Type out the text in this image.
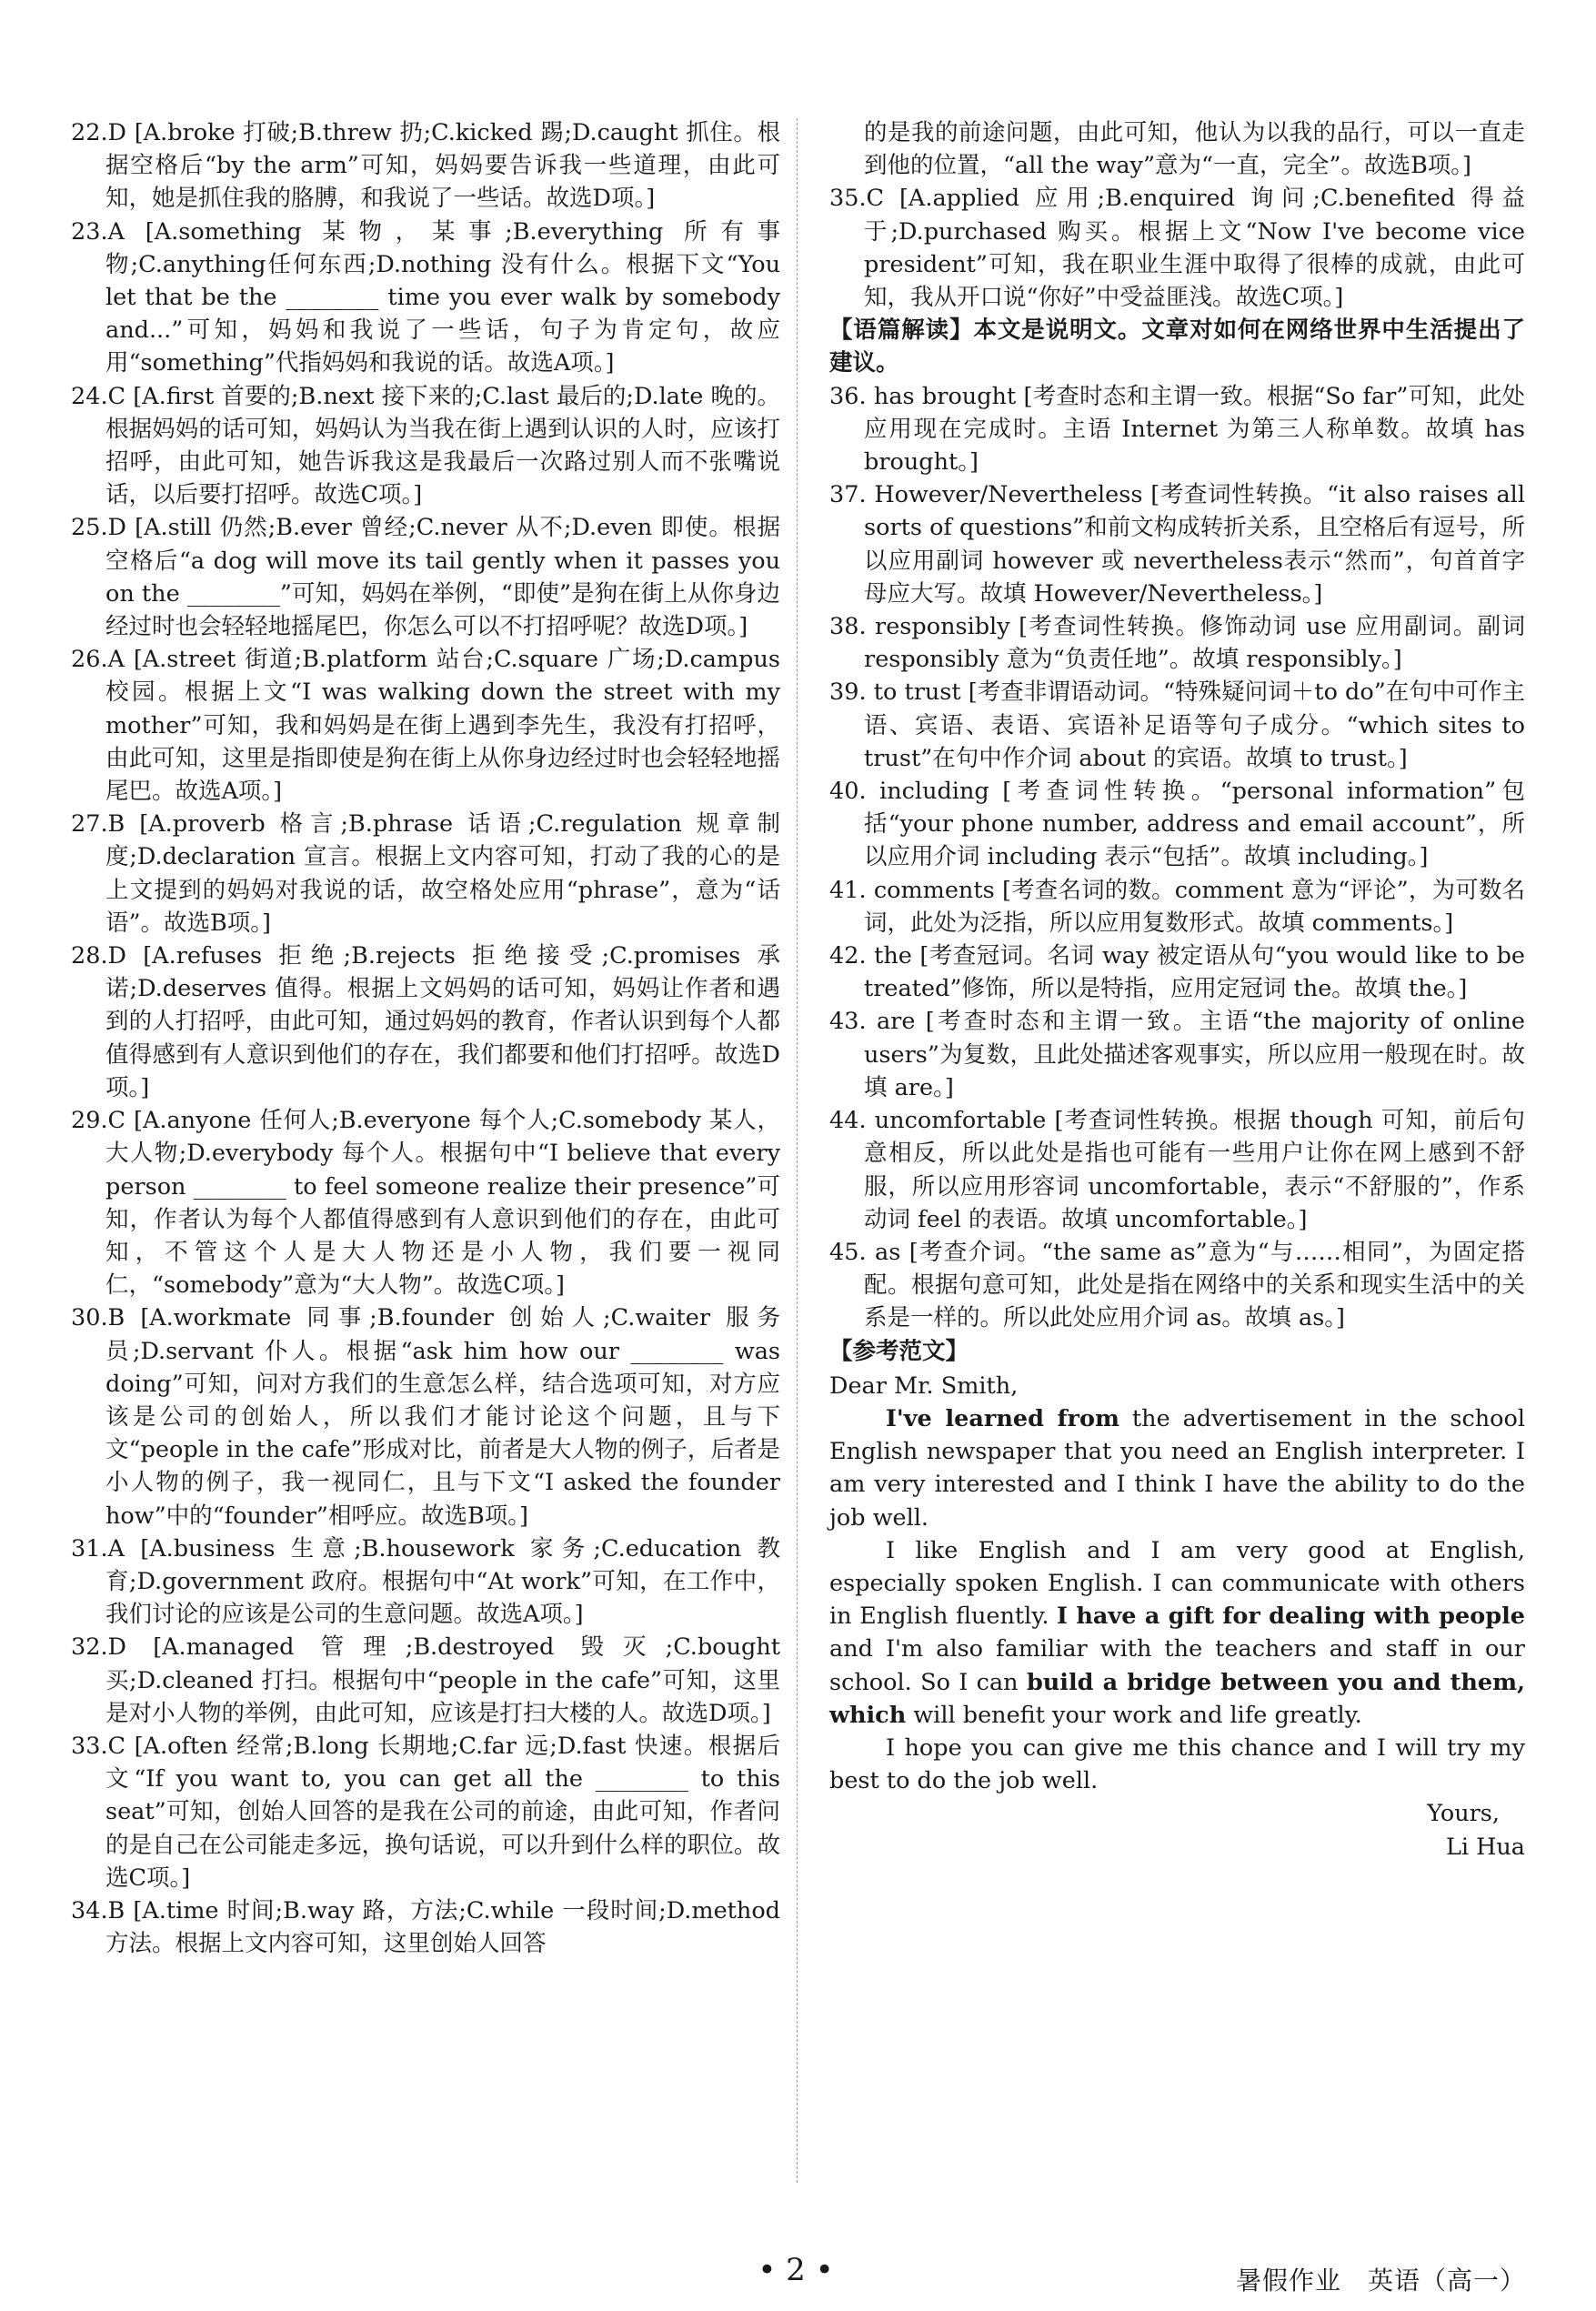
22.D [A.broke 打破;B.threw 扔;C.kicked 踢;D.caught 抓住。根据空格后“by the arm”可知，妈妈要告诉我一些道理，由此可知，她是抓住我的胳膊，和我说了一些话。故选D项。]
23.A [A.something 某物，某事;B.everything 所有事物;C.anything任何东西;D.nothing 没有什么。根据下文“You let that be the ________ time you ever walk by somebody and...”可知，妈妈和我说了一些话，句子为肯定句，故应用“something”代指妈妈和我说的话。故选A项。]
24.C [A.first 首要的;B.next 接下来的;C.last 最后的;D.late 晚的。根据妈妈的话可知，妈妈认为当我在街上遇到认识的人时，应该打招呼，由此可知，她告诉我这是我最后一次路过别人而不张嘴说话，以后要打招呼。故选C项。]
25.D [A.still 仍然;B.ever 曾经;C.never 从不;D.even 即使。根据空格后“a dog will move its tail gently when it passes you on the ________”可知，妈妈在举例，“即使”是狗在街上从你身边经过时也会轻轻地摇尾巴，你怎么可以不打招呼呢？故选D项。]
26.A [A.street 街道;B.platform 站台;C.square 广场;D.campus 校园。根据上文“I was walking down the street with my mother”可知，我和妈妈是在街上遇到李先生，我没有打招呼，由此可知，这里是指即使是狗在街上从你身边经过时也会轻轻地摇尾巴。故选A项。]
27.B [A.proverb 格言;B.phrase 话语;C.regulation 规章制度;D.declaration 宣言。根据上文内容可知，打动了我的心的是上文提到的妈妈对我说的话，故空格处应用“phrase”，意为“话语”。故选B项。]
28.D [A.refuses 拒绝;B.rejects 拒绝接受;C.promises 承诺;D.deserves 值得。根据上文妈妈的话可知，妈妈让作者和遇到的人打招呼，由此可知，通过妈妈的教育，作者认识到每个人都值得感到有人意识到他们的存在，我们都要和他们打招呼。故选D项。]
29.C [A.anyone 任何人;B.everyone 每个人;C.somebody 某人，大人物;D.everybody 每个人。根据句中“I believe that every person ________ to feel someone realize their presence”可知，作者认为每个人都值得感到有人意识到他们的存在，由此可知，不管这个人是大人物还是小人物，我们要一视同仁，“somebody”意为“大人物”。故选C项。]
30.B [A.workmate 同事;B.founder 创始人;C.waiter 服务员;D.servant 仆人。根据“ask him how our ________ was doing”可知，问对方我们的生意怎么样，结合选项可知，对方应该是公司的创始人，所以我们才能讨论这个问题，且与下文“people in the cafe”形成对比，前者是大人物的例子，后者是小人物的例子，我一视同仁，且与下文“I asked the founder how”中的“founder”相呼应。故选B项。]
31.A [A.business 生意;B.housework 家务;C.education 教育;D.government 政府。根据句中“At work”可知，在工作中，我们讨论的应该是公司的生意问题。故选A项。]
32.D [A.managed 管理;B.destroyed 毁灭;C.bought 买;D.cleaned 打扫。根据句中“people in the cafe”可知，这里是对小人物的举例，由此可知，应该是打扫大楼的人。故选D项。]
33.C [A.often 经常;B.long 长期地;C.far 远;D.fast 快速。根据后文“If you want to, you can get all the ________ to this seat”可知，创始人回答的是我在公司的前途，由此可知，作者问的是自己在公司能走多远，换句话说，可以升到什么样的职位。故选C项。]
34.B [A.time 时间;B.way 路，方法;C.while 一段时间;D.method方法。根据上文内容可知，这里创始人回答
的是我的前途问题，由此可知，他认为以我的品行，可以一直走到他的位置，“all the way”意为“一直，完全”。故选B项。]
35.C [A.applied 应用;B.enquired 询问;C.benefited 得益于;D.purchased 购买。根据上文“Now I've become vice president”可知，我在职业生涯中取得了很棒的成就，由此可知，我从开口说“你好”中受益匪浅。故选C项。]
【语篇解读】本文是说明文。文章对如何在网络世界中生活提出了建议。
36. has brought [考查时态和主谓一致。根据“So far”可知，此处应用现在完成时。主语 Internet 为第三人称单数。故填 has brought。]
37. However/Nevertheless [考查词性转换。“it also raises all sorts of questions”和前文构成转折关系，且空格后有逗号，所以应用副词 however 或 nevertheless表示“然而”，句首首字母应大写。故填 However/Nevertheless。]
38. responsibly [考查词性转换。修饰动词 use 应用副词。副词 responsibly 意为“负责任地”。故填 responsibly。]
39. to trust [考查非谓语动词。“特殊疑问词＋to do”在句中可作主语、宾语、表语、宾语补足语等句子成分。“which sites to trust”在句中作介词 about 的宾语。故填 to trust。]
40. including [考查词性转换。“personal information”包括“your phone number, address and email account”，所以应用介词 including 表示“包括”。故填 including。]
41. comments [考查名词的数。comment 意为“评论”，为可数名词，此处为泛指，所以应用复数形式。故填 comments。]
42. the [考查冠词。名词 way 被定语从句“you would like to be treated”修饰，所以是特指，应用定冠词 the。故填 the。]
43. are [考查时态和主谓一致。主语“the majority of online users”为复数，且此处描述客观事实，所以应用一般现在时。故填 are。]
44. uncomfortable [考查词性转换。根据 though 可知，前后句意相反，所以此处是指也可能有一些用户让你在网上感到不舒服，所以应用形容词 uncomfortable，表示“不舒服的”，作系动词 feel 的表语。故填 uncomfortable。]
45. as [考查介词。“the same as”意为“与……相同”，为固定搭配。根据句意可知，此处是指在网络中的关系和现实生活中的关系是一样的。所以此处应用介词 as。故填 as。]
【参考范文】

Dear Mr. Smith,

I've learned from the advertisement in the school English newspaper that you need an English interpreter. I am very interested and I think I have the ability to do the job well.

I like English and I am very good at English, especially spoken English. I can communicate with others in English fluently. I have a gift for dealing with people and I'm also familiar with the teachers and staff in our school. So I can build a bridge between you and them, which will benefit your work and life greatly.

I hope you can give me this chance and I will try my best to do the job well.

Yours,

Li Hua

• 2 •	暑假作业　英语（高一）
